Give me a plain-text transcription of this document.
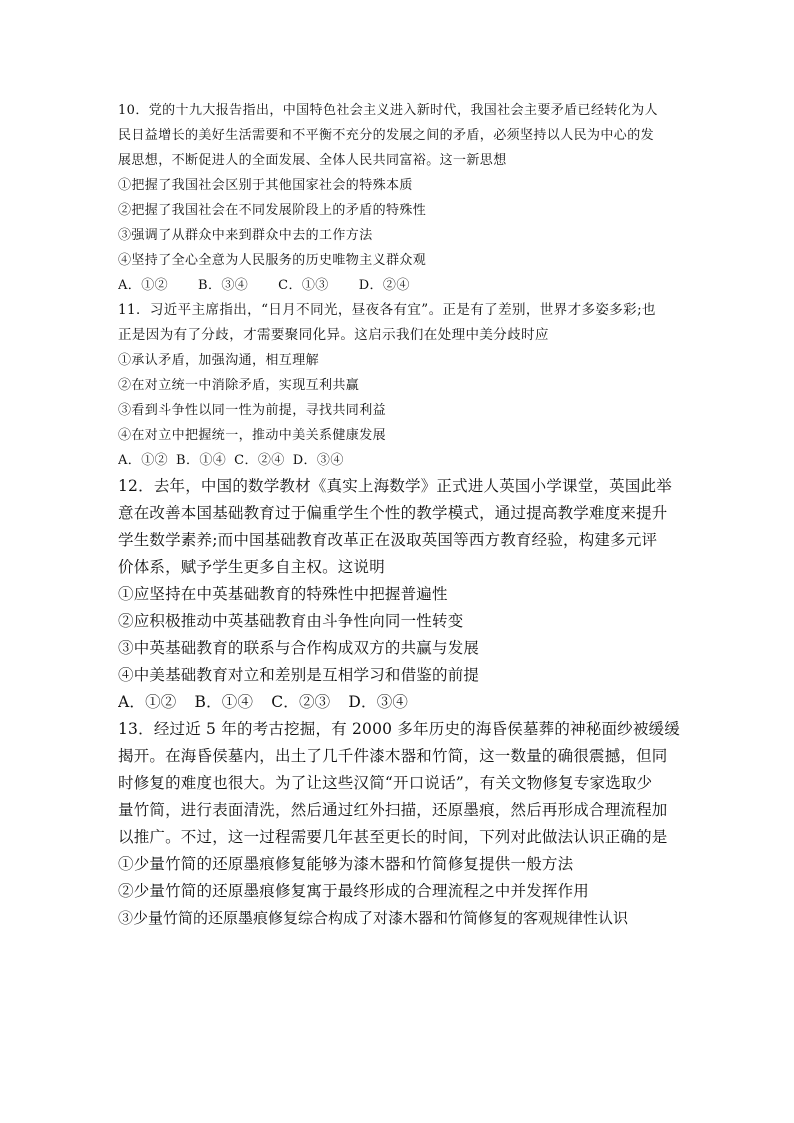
10．党的十九大报告指出，中国特色社会主义进入新时代，我国社会主要矛盾已经转化为人
民日益增长的美好生活需要和不平衡不充分的发展之间的矛盾，必须坚持以人民为中心的发
展思想，不断促进人的全面发展、全体人民共同富裕。这一新思想
①把握了我国社会区别于其他国家社会的特殊本质
②把握了我国社会在不同发展阶段上的矛盾的特殊性
③强调了从群众中来到群众中去的工作方法
④坚持了全心全意为人民服务的历史唯物主义群众观
A．①② B．③④ C．①③ D．②④
11．习近平主席指出，“日月不同光，昼夜各有宜”。正是有了差别，世界才多姿多彩;也
正是因为有了分歧，才需要聚同化异。这启示我们在处理中美分歧时应
①承认矛盾，加强沟通，相互理解
②在对立统一中消除矛盾，实现互利共赢
③看到斗争性以同一性为前提，寻找共同利益
④在对立中把握统一，推动中美关系健康发展
A．①② B．①④ C．②④ D．③④
12．去年，中国的数学教材《真实上海数学》正式进人英国小学课堂，英国此举
意在改善本国基础教育过于偏重学生个性的教学模式，通过提高教学难度来提升
学生数学素养;而中国基础教育改革正在汲取英国等西方教育经验，构建多元评
价体系，赋予学生更多自主权。这说明
①应坚持在中英基础教育的特殊性中把握普遍性
②应积极推动中英基础教育由斗争性向同一性转变
③中英基础教育的联系与合作构成双方的共赢与发展
④中美基础教育对立和差别是互相学习和借鉴的前提
A．①② B．①④ C．②③ D．③④
13．经过近 5 年的考古挖掘，有 2000 多年历史的海昏侯墓葬的神秘面纱被缓缓
揭开。在海昏侯墓内，出土了几千件漆木器和竹简，这一数量的确很震撼，但同
时修复的难度也很大。为了让这些汉简“开口说话”，有关文物修复专家选取少
量竹简，进行表面清洗，然后通过红外扫描，还原墨痕，然后再形成合理流程加
以推广。不过，这一过程需要几年甚至更长的时间，下列对此做法认识正确的是
①少量竹简的还原墨痕修复能够为漆木器和竹简修复提供一般方法
②少量竹简的还原墨痕修复寓于最终形成的合理流程之中并发挥作用
③少量竹简的还原墨痕修复综合构成了对漆木器和竹简修复的客观规律性认识
